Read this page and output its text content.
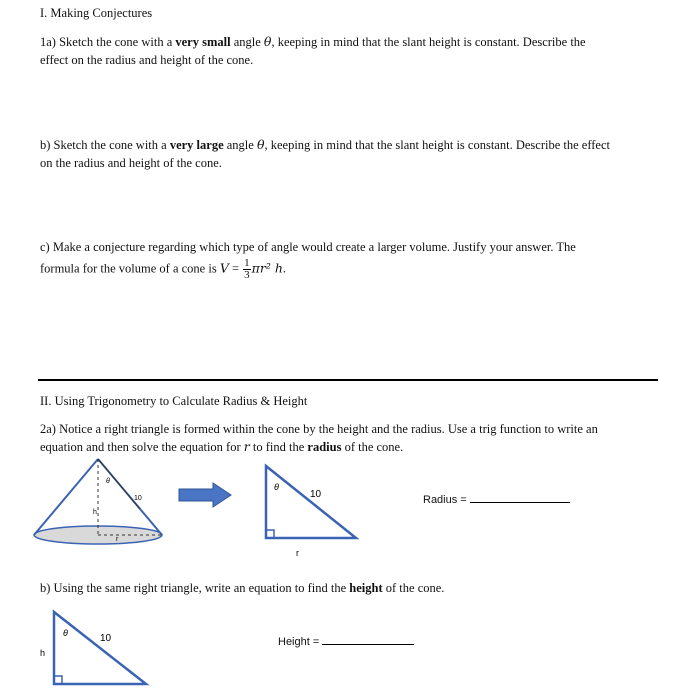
I. Making Conjectures
1a) Sketch the cone with a very small angle θ, keeping in mind that the slant height is constant. Describe the
effect on the radius and height of the cone.
b) Sketch the cone with a very large angle θ, keeping in mind that the slant height is constant. Describe the effect
on the radius and height of the cone.
c) Make a conjecture regarding which type of angle would create a larger volume. Justify your answer. The
formula for the volume of a cone is $V = \frac{1}{3} \pi r^2$ h.
II. Using Trigonometry to Calculate Radius & Height
2a) Notice a right triangle is formed within the cone by the height and the radius. Use a trig function to write an
equation and then solve the equation for r to find the radius of the cone.
θ
10
h
r
θ
10
r
Radius =
b) Using the same right triangle, write an equation to find the height of the cone.
θ	10
h
Height =
